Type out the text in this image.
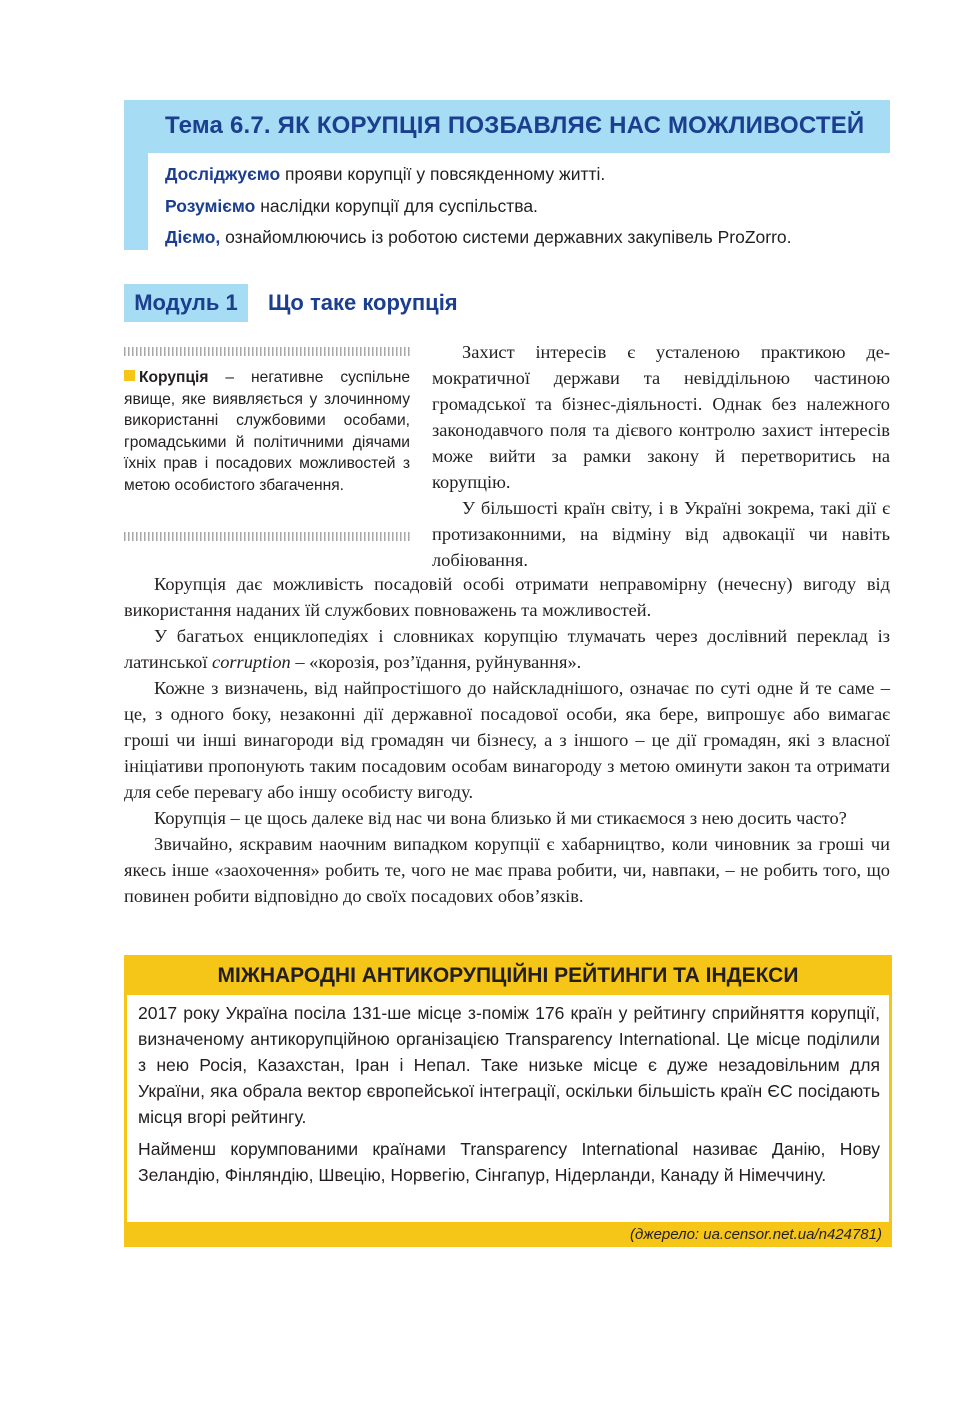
Тема 6.7. ЯК КОРУПЦІЯ ПОЗБАВЛЯЄ НАС МОЖЛИВОСТЕЙ
Досліджуємо прояви корупції у повсякденному житті.
Розуміємо наслідки корупції для суспільства.
Діємо, ознайомлюючись із роботою системи державних закупівель ProZorro.
Модуль 1	Що таке корупція
Корупція – негативне суспільне явище, яке виявляється у злочинному використанні службовими особами, громадськими й політичними діячами їхніх прав і посадових можливостей з метою особистого збагачення.

Захист інтересів є усталеною практикою демократичної держави та невіддільною частиною громадської та бізнес-діяльності. Однак без належного законодавчого поля та дієвого контролю захист інтересів може вийти за рамки закону й перетворитись на корупцію.

У більшості країн світу, і в Україні зокрема, такі дії є протизаконними, на відміну від адвокації чи навіть лобіювання.

Корупція дає можливість посадовій особі отримати неправомірну (нечесну) вигоду від використання наданих їй службових повноважень та можливостей.

У багатьох енциклопедіях і словниках корупцію тлумачать через дослівний переклад із латинської corruption – «корозія, роз’їдання, руйнування».

Кожне з визначень, від найпростішого до найскладнішого, означає по суті одне й те саме – це, з одного боку, незаконні дії державної посадової особи, яка бере, випрошує або вимагає гроші чи інші винагороди від громадян чи бізнесу, а з іншого – це дії громадян, які з власної ініціативи пропонують таким посадовим особам винагороду з метою оминути закон та отримати для себе перевагу або іншу особисту вигоду.

Корупція – це щось далеке від нас чи вона близько й ми стикаємося з нею досить часто?

Звичайно, яскравим наочним випадком корупції є хабарництво, коли чиновник за гроші чи якесь інше «заохочення» робить те, чого не має права робити, чи, навпаки, – не робить того, що повинен робити відповідно до своїх посадових обов’язків.

МІЖНАРОДНІ АНТИКОРУПЦІЙНІ РЕЙТИНГИ ТА ІНДЕКСИ

2017 року Україна посіла 131-ше місце з-поміж 176 країн у рейтингу сприйняття корупції, визначеному антикорупційною організацією Transparency International. Це місце поділили з нею Росія, Казахстан, Іран і Непал. Таке низьке місце є дуже незадовільним для України, яка обрала вектор європейської інтеграції, оскільки більшість країн ЄС посідають місця вгорі рейтингу.

Найменш корумпованими країнами Transparency International називає Данію, Нову Зеландію, Фінляндію, Швецію, Норвегію, Сінгапур, Нідерланди, Канаду й Німеччину.

(джерело: ua.censor.net.ua/n424781)
